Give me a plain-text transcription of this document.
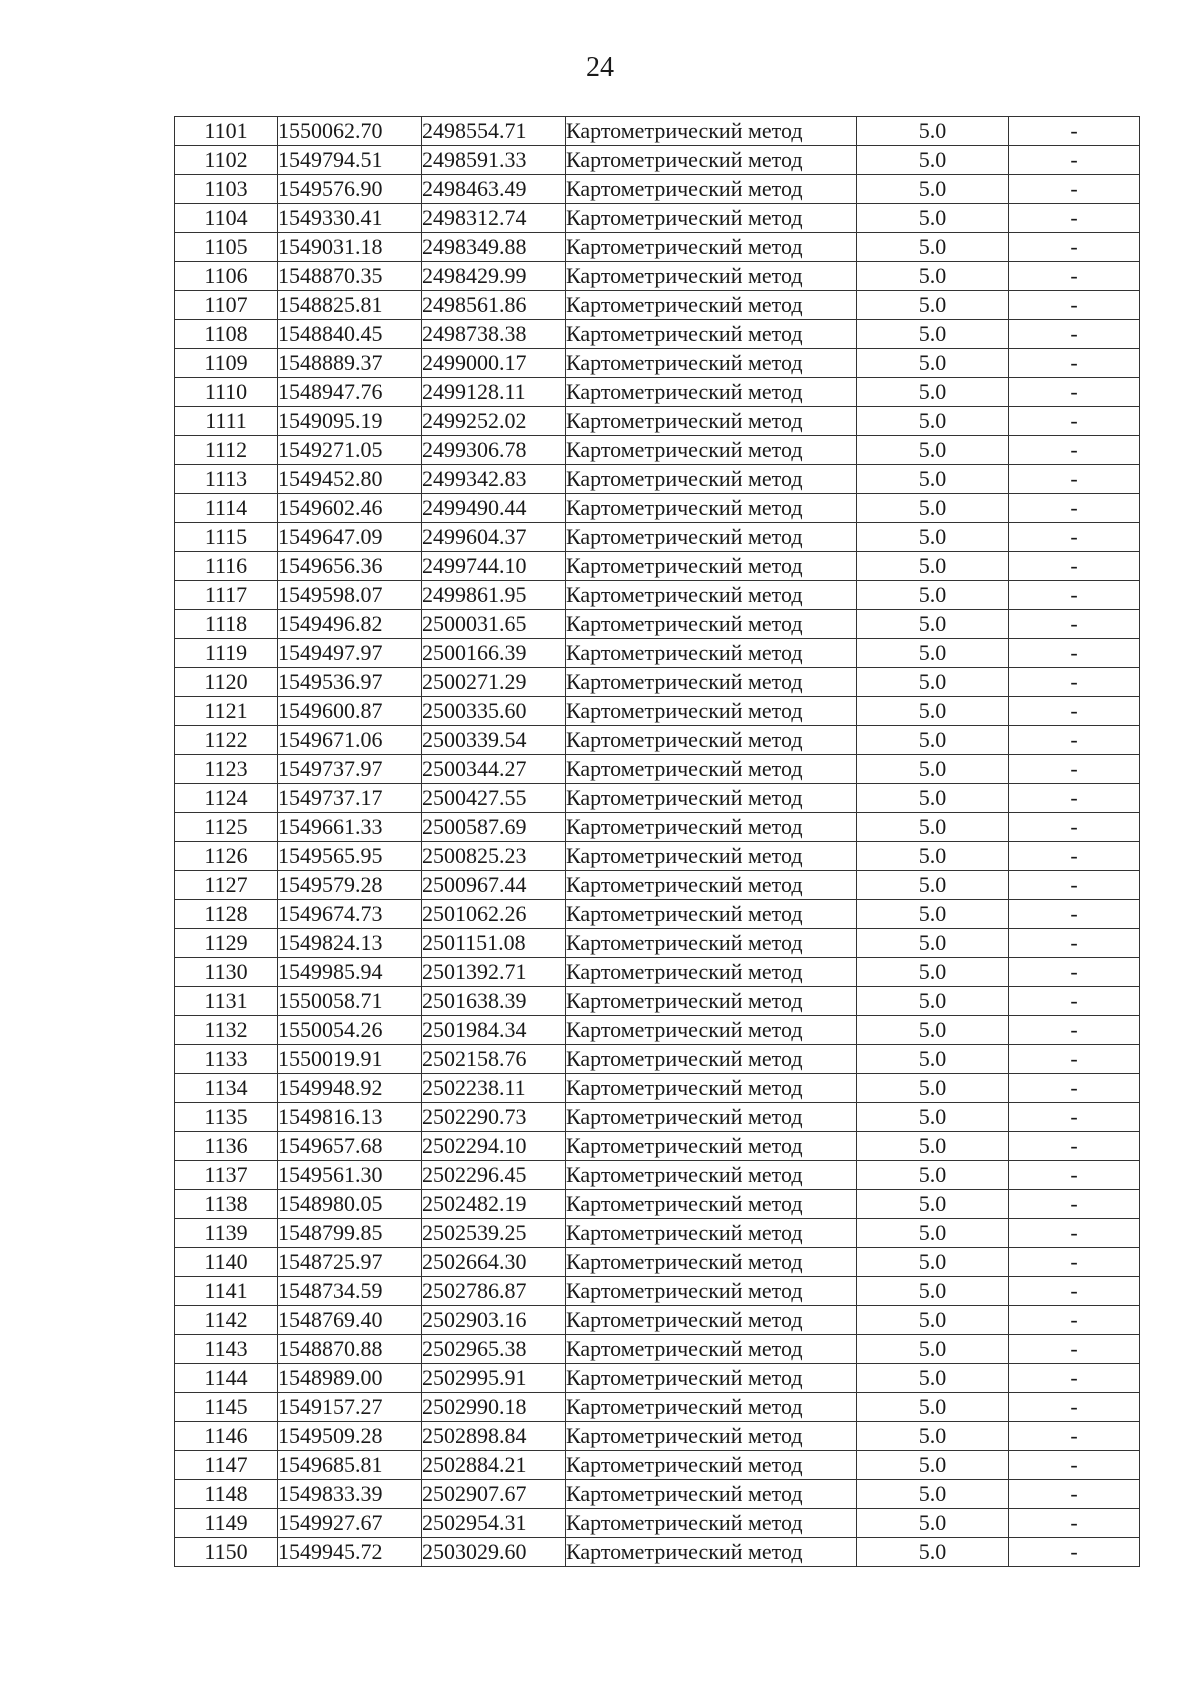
24
1101	1550062.70	2498554.71	Картометрический метод	5.0	-
1102	1549794.51	2498591.33	Картометрический метод	5.0	-
1103	1549576.90	2498463.49	Картометрический метод	5.0	-
1104	1549330.41	2498312.74	Картометрический метод	5.0	-
1105	1549031.18	2498349.88	Картометрический метод	5.0	-
1106	1548870.35	2498429.99	Картометрический метод	5.0	-
1107	1548825.81	2498561.86	Картометрический метод	5.0	-
1108	1548840.45	2498738.38	Картометрический метод	5.0	-
1109	1548889.37	2499000.17	Картометрический метод	5.0	-
1110	1548947.76	2499128.11	Картометрический метод	5.0	-
1111	1549095.19	2499252.02	Картометрический метод	5.0	-
1112	1549271.05	2499306.78	Картометрический метод	5.0	-
1113	1549452.80	2499342.83	Картометрический метод	5.0	-
1114	1549602.46	2499490.44	Картометрический метод	5.0	-
1115	1549647.09	2499604.37	Картометрический метод	5.0	-
1116	1549656.36	2499744.10	Картометрический метод	5.0	-
1117	1549598.07	2499861.95	Картометрический метод	5.0	-
1118	1549496.82	2500031.65	Картометрический метод	5.0	-
1119	1549497.97	2500166.39	Картометрический метод	5.0	-
1120	1549536.97	2500271.29	Картометрический метод	5.0	-
1121	1549600.87	2500335.60	Картометрический метод	5.0	-
1122	1549671.06	2500339.54	Картометрический метод	5.0	-
1123	1549737.97	2500344.27	Картометрический метод	5.0	-
1124	1549737.17	2500427.55	Картометрический метод	5.0	-
1125	1549661.33	2500587.69	Картометрический метод	5.0	-
1126	1549565.95	2500825.23	Картометрический метод	5.0	-
1127	1549579.28	2500967.44	Картометрический метод	5.0	-
1128	1549674.73	2501062.26	Картометрический метод	5.0	-
1129	1549824.13	2501151.08	Картометрический метод	5.0	-
1130	1549985.94	2501392.71	Картометрический метод	5.0	-
1131	1550058.71	2501638.39	Картометрический метод	5.0	-
1132	1550054.26	2501984.34	Картометрический метод	5.0	-
1133	1550019.91	2502158.76	Картометрический метод	5.0	-
1134	1549948.92	2502238.11	Картометрический метод	5.0	-
1135	1549816.13	2502290.73	Картометрический метод	5.0	-
1136	1549657.68	2502294.10	Картометрический метод	5.0	-
1137	1549561.30	2502296.45	Картометрический метод	5.0	-
1138	1548980.05	2502482.19	Картометрический метод	5.0	-
1139	1548799.85	2502539.25	Картометрический метод	5.0	-
1140	1548725.97	2502664.30	Картометрический метод	5.0	-
1141	1548734.59	2502786.87	Картометрический метод	5.0	-
1142	1548769.40	2502903.16	Картометрический метод	5.0	-
1143	1548870.88	2502965.38	Картометрический метод	5.0	-
1144	1548989.00	2502995.91	Картометрический метод	5.0	-
1145	1549157.27	2502990.18	Картометрический метод	5.0	-
1146	1549509.28	2502898.84	Картометрический метод	5.0	-
1147	1549685.81	2502884.21	Картометрический метод	5.0	-
1148	1549833.39	2502907.67	Картометрический метод	5.0	-
1149	1549927.67	2502954.31	Картометрический метод	5.0	-
1150	1549945.72	2503029.60	Картометрический метод	5.0	-
